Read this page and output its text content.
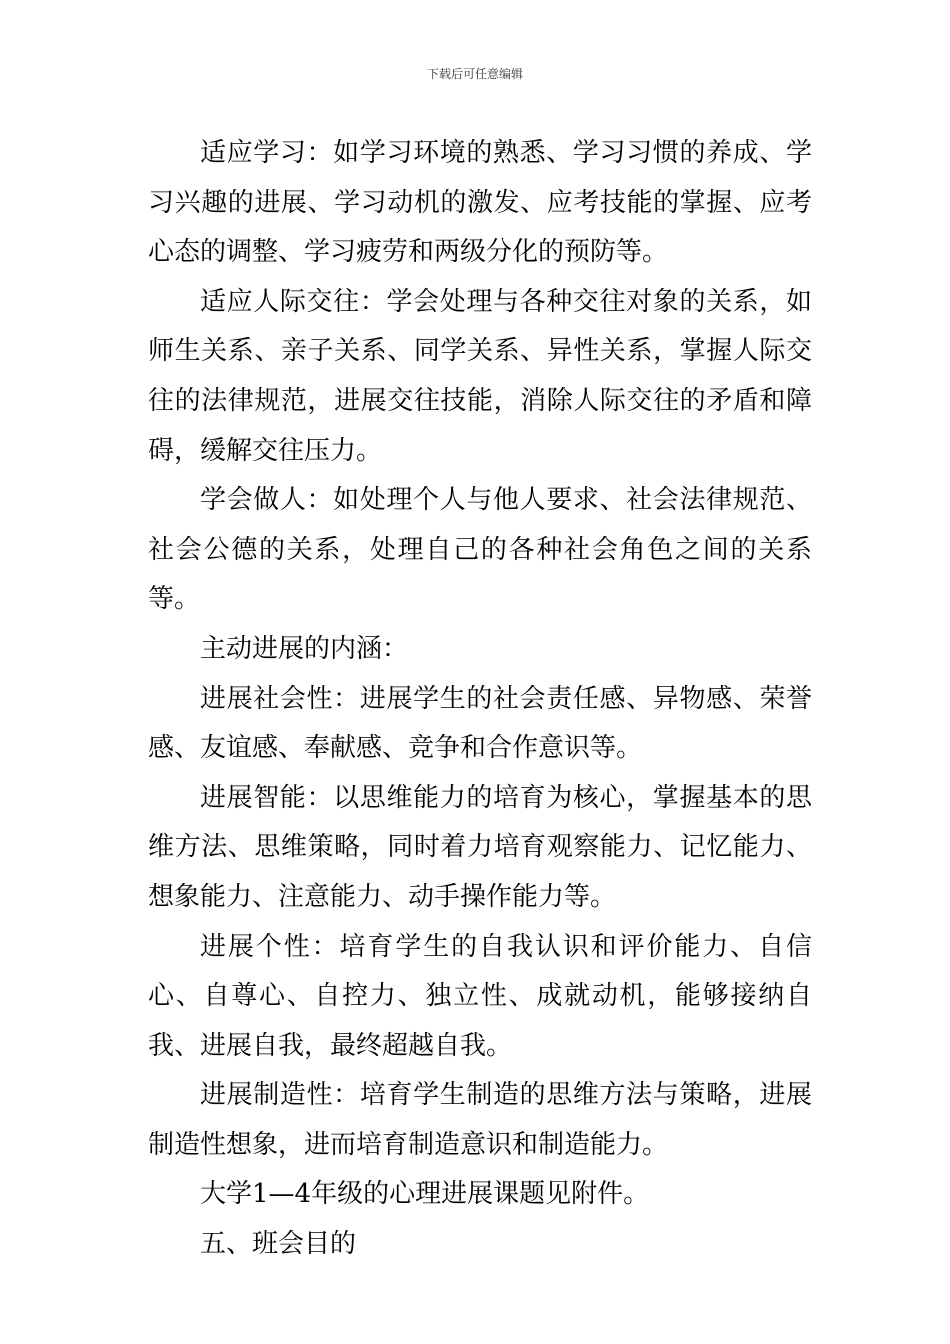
下载后可任意编辑

适应学习：如学习环境的熟悉、学习习惯的养成、学习兴趣的进展、学习动机的激发、应考技能的掌握、应考心态的调整、学习疲劳和两级分化的预防等。

适应人际交往：学会处理与各种交往对象的关系，如师生关系、亲子关系、同学关系、异性关系，掌握人际交往的法律规范，进展交往技能，消除人际交往的矛盾和障碍，缓解交往压力。

学会做人：如处理个人与他人要求、社会法律规范、社会公德的关系，处理自己的各种社会角色之间的关系等。

主动进展的内涵：

进展社会性：进展学生的社会责任感、异物感、荣誉感、友谊感、奉献感、竞争和合作意识等。

进展智能：以思维能力的培育为核心，掌握基本的思维方法、思维策略，同时着力培育观察能力、记忆能力、想象能力、注意能力、动手操作能力等。

进展个性：培育学生的自我认识和评价能力、自信心、自尊心、自控力、独立性、成就动机，能够接纳自我、进展自我，最终超越自我。

进展制造性：培育学生制造的思维方法与策略，进展制造性想象，进而培育制造意识和制造能力。

大学1—4年级的心理进展课题见附件。

五、班会目的
